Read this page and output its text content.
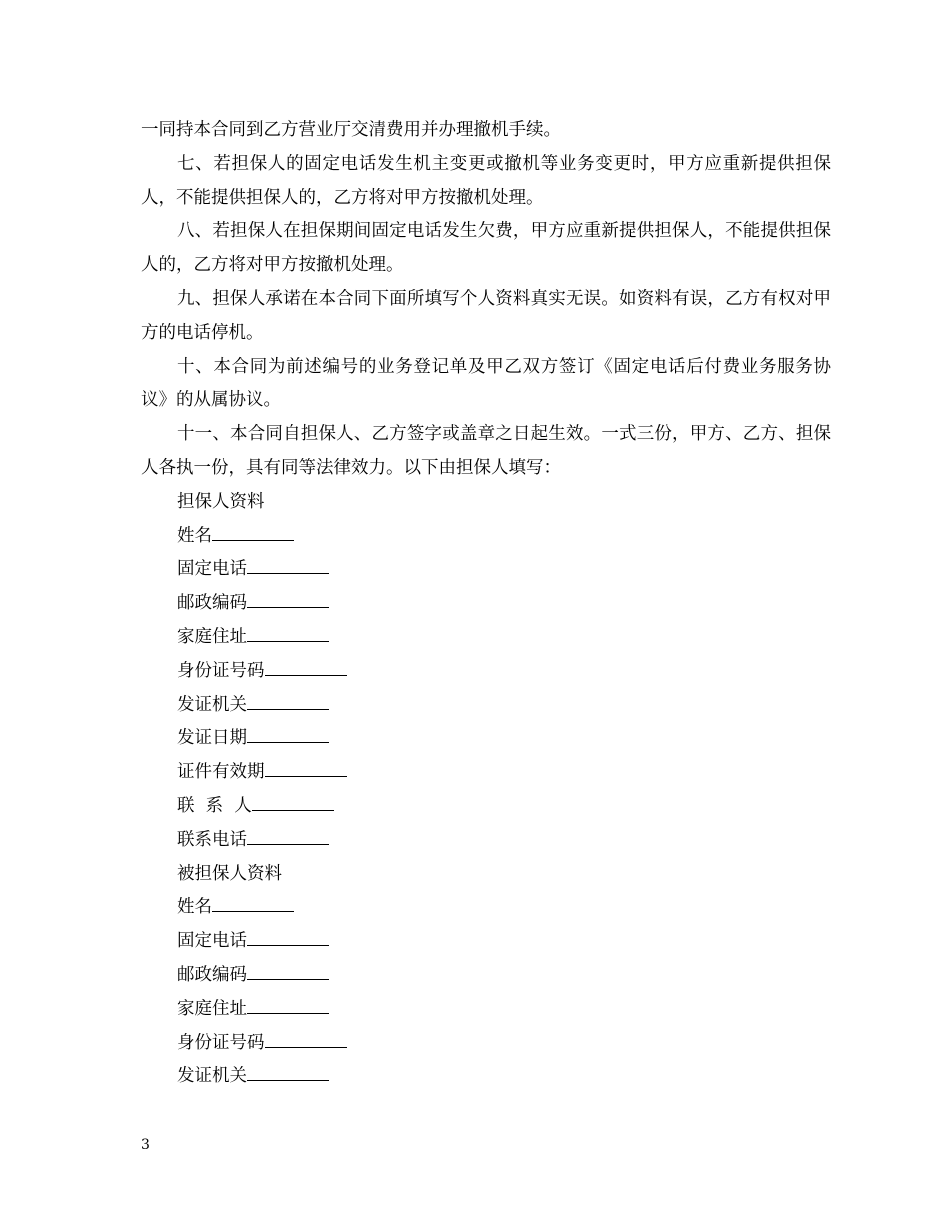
一同持本合同到乙方营业厅交清费用并办理撤机手续。

七、若担保人的固定电话发生机主变更或撤机等业务变更时，甲方应重新提供担保人，不能提供担保人的，乙方将对甲方按撤机处理。

八、若担保人在担保期间固定电话发生欠费，甲方应重新提供担保人，不能提供担保人的，乙方将对甲方按撤机处理。

九、担保人承诺在本合同下面所填写个人资料真实无误。如资料有误，乙方有权对甲方的电话停机。

十、本合同为前述编号的业务登记单及甲乙双方签订《固定电话后付费业务服务协议》的从属协议。

十一、本合同自担保人、乙方签字或盖章之日起生效。一式三份，甲方、乙方、担保人各执一份，具有同等法律效力。以下由担保人填写：

担保人资料

姓名

固定电话

邮政编码

家庭住址

身份证号码

发证机关

发证日期

证件有效期

联  系  人

联系电话

被担保人资料

姓名

固定电话

邮政编码

家庭住址

身份证号码

发证机关

3
